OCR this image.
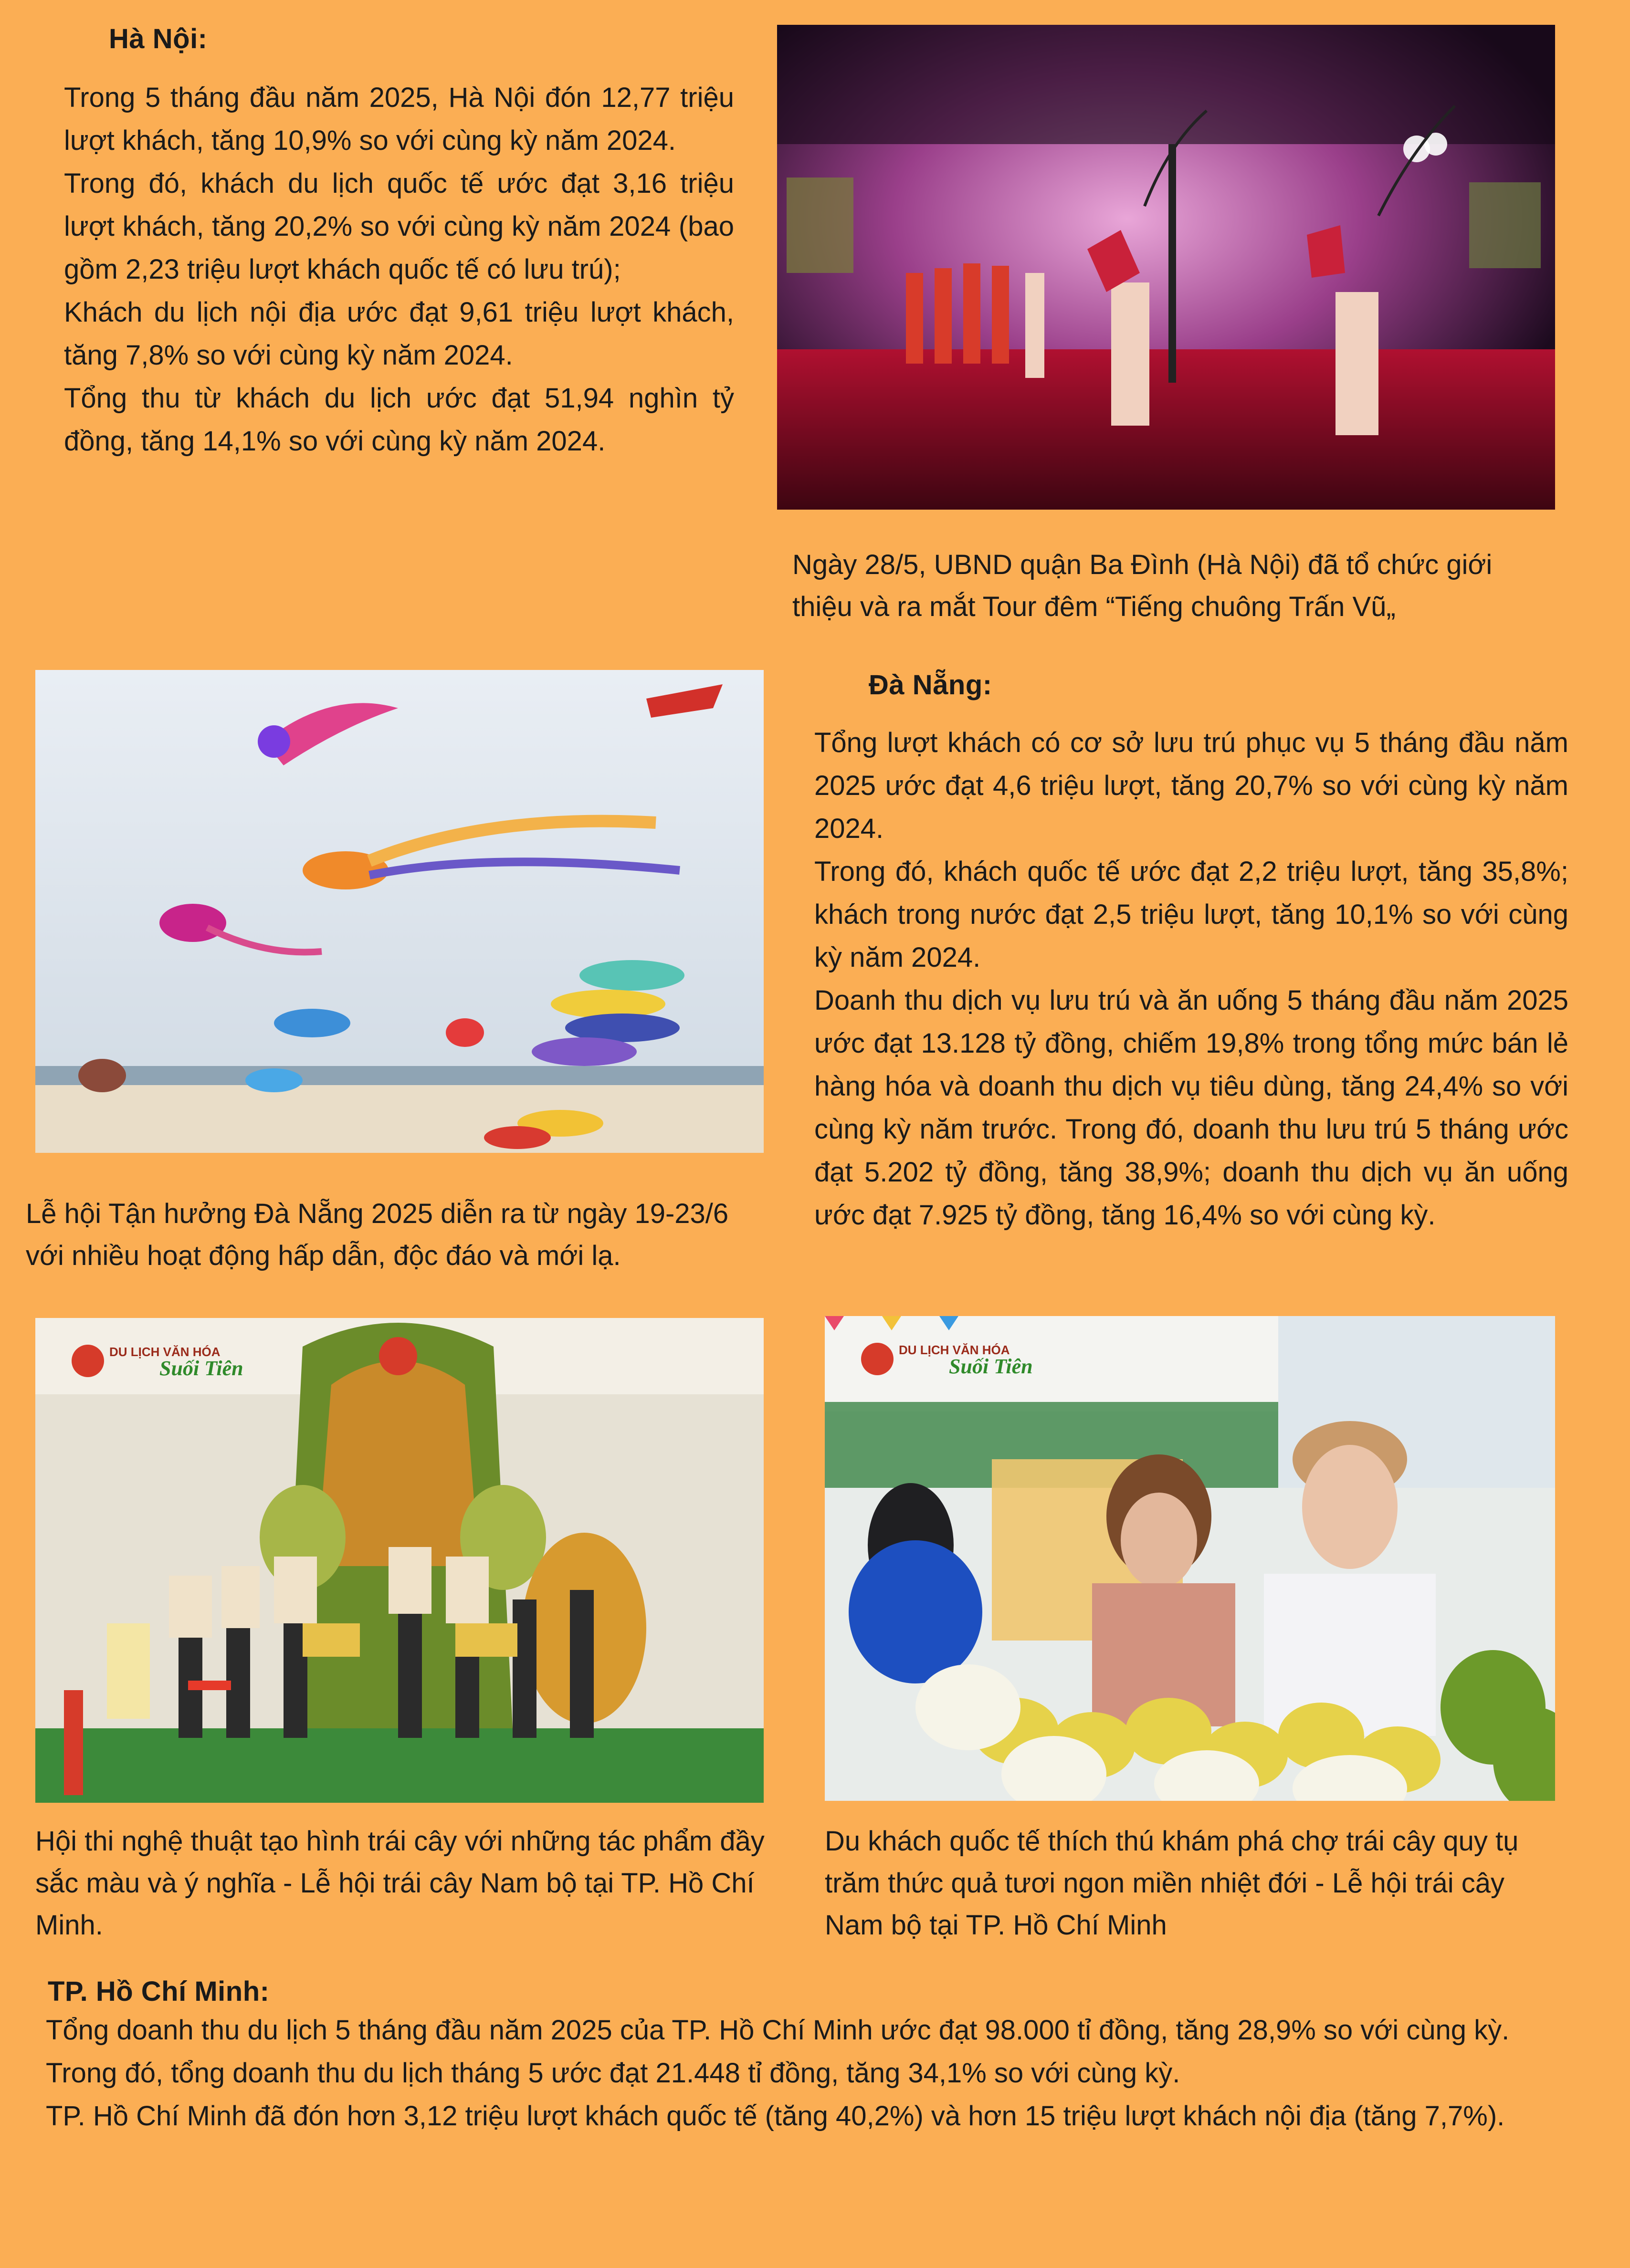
Hà Nội:

Trong 5 tháng đầu năm 2025, Hà Nội đón 12,77 triệu lượt khách, tăng 10,9% so với cùng kỳ năm 2024.

Trong đó, khách du lịch quốc tế ước đạt 3,16 triệu lượt khách, tăng 20,2% so với cùng kỳ năm 2024 (bao gồm 2,23 triệu lượt khách quốc tế có lưu trú);

Khách du lịch nội địa ước đạt 9,61 triệu lượt khách, tăng 7,8% so với cùng kỳ năm 2024.

Tổng thu từ khách du lịch ước đạt 51,94 nghìn tỷ đồng, tăng 14,1% so với cùng kỳ năm 2024.

Ngày 28/5, UBND quận Ba Đình (Hà Nội) đã tổ chức giới thiệu và ra mắt Tour đêm “Tiếng chuông Trấn Vũ„
Lễ hội Tận hưởng Đà Nẵng 2025 diễn ra từ ngày 19-23/6 với nhiều hoạt động hấp dẫn, độc đáo và mới lạ.
Đà Nẵng:

Tổng lượt khách có cơ sở lưu trú phục vụ 5 tháng đầu năm 2025 ước đạt 4,6 triệu lượt, tăng 20,7% so với cùng kỳ năm 2024.

Trong đó, khách quốc tế ước đạt 2,2 triệu lượt, tăng 35,8%; khách trong nước đạt 2,5 triệu lượt, tăng 10,1% so với cùng kỳ năm 2024.

Doanh thu dịch vụ lưu trú và ăn uống 5 tháng đầu năm 2025 ước đạt 13.128 tỷ đồng, chiếm 19,8% trong tổng mức bán lẻ hàng hóa và doanh thu dịch vụ tiêu dùng, tăng 24,4% so với cùng kỳ năm trước. Trong đó, doanh thu lưu trú 5 tháng ước đạt 5.202 tỷ đồng, tăng 38,9%; doanh thu dịch vụ ăn uống ước đạt 7.925 tỷ đồng, tăng 16,4% so với cùng kỳ.

DU LỊCH VĂN HÓA
Suối Tiên
Hội thi nghệ thuật tạo hình trái cây với những tác phẩm đầy sắc màu và ý nghĩa - Lễ hội trái cây Nam bộ tại TP. Hồ Chí Minh.
DU LỊCH VĂN HÓA
Suối Tiên
Du khách quốc tế thích thú khám phá chợ trái cây quy tụ trăm thức quả tươi ngon miền nhiệt đới - Lễ hội trái cây Nam bộ tại TP. Hồ Chí Minh
TP. Hồ Chí Minh:

Tổng doanh thu du lịch 5 tháng đầu năm 2025 của TP. Hồ Chí Minh ước đạt 98.000 tỉ đồng, tăng 28,9% so với cùng kỳ.

Trong đó, tổng doanh thu du lịch tháng 5 ước đạt 21.448 tỉ đồng, tăng 34,1% so với cùng kỳ.

TP. Hồ Chí Minh đã đón hơn 3,12 triệu lượt khách quốc tế (tăng 40,2%) và hơn 15 triệu lượt khách nội địa (tăng 7,7%).
